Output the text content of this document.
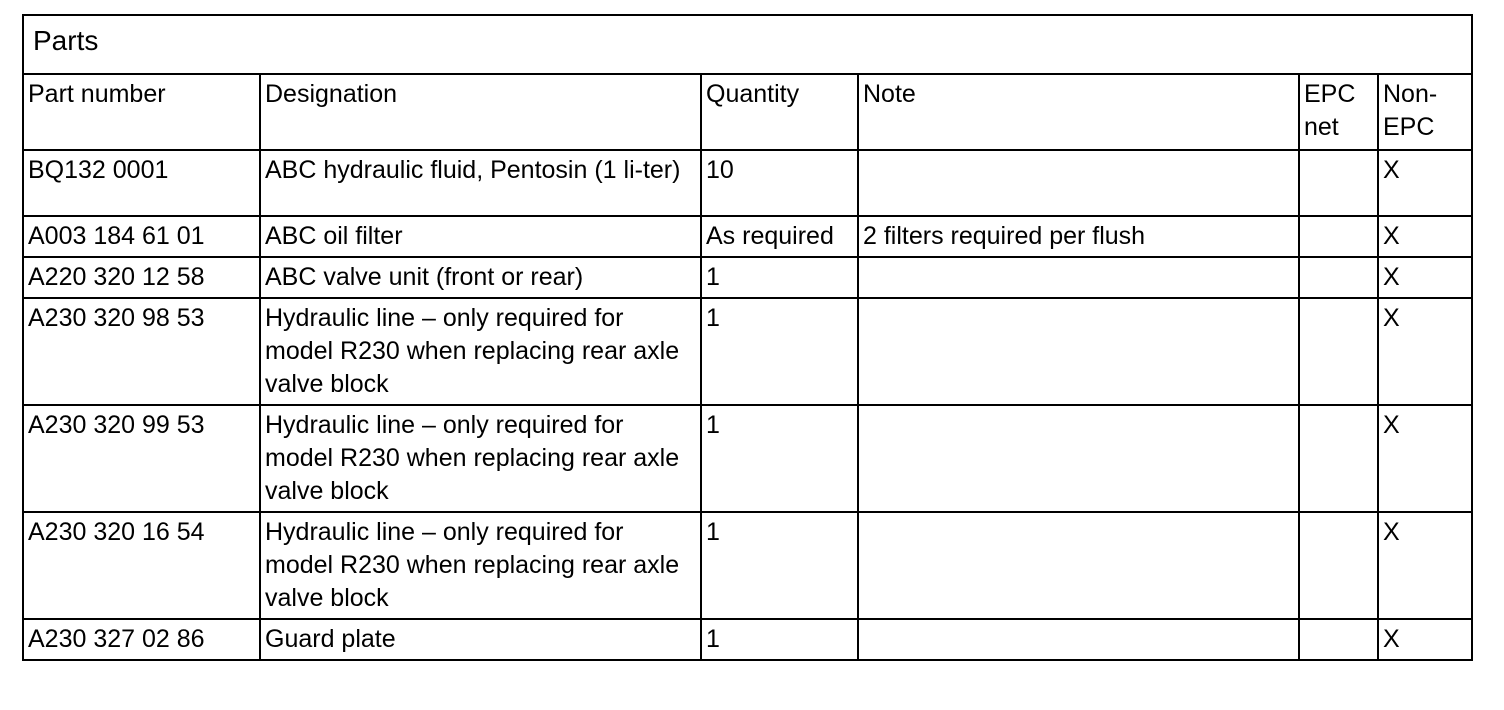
Parts					
Part number	Designation	Quantity	Note	EPC net	Non-EPC
BQ132 0001	ABC hydraulic fluid, Pentosin (1 li-ter)	10			X
A003 184 61 01	ABC oil filter	As required	2 filters required per flush		X
A220 320 12 58	ABC valve unit (front or rear)	1			X
A230 320 98 53	Hydraulic line – only required for model R230 when replacing rear axle valve block	1			X
A230 320 99 53	Hydraulic line – only required for model R230 when replacing rear axle valve block	1			X
A230 320 16 54	Hydraulic line – only required for model R230 when replacing rear axle valve block	1			X
A230 327 02 86	Guard plate	1			X
